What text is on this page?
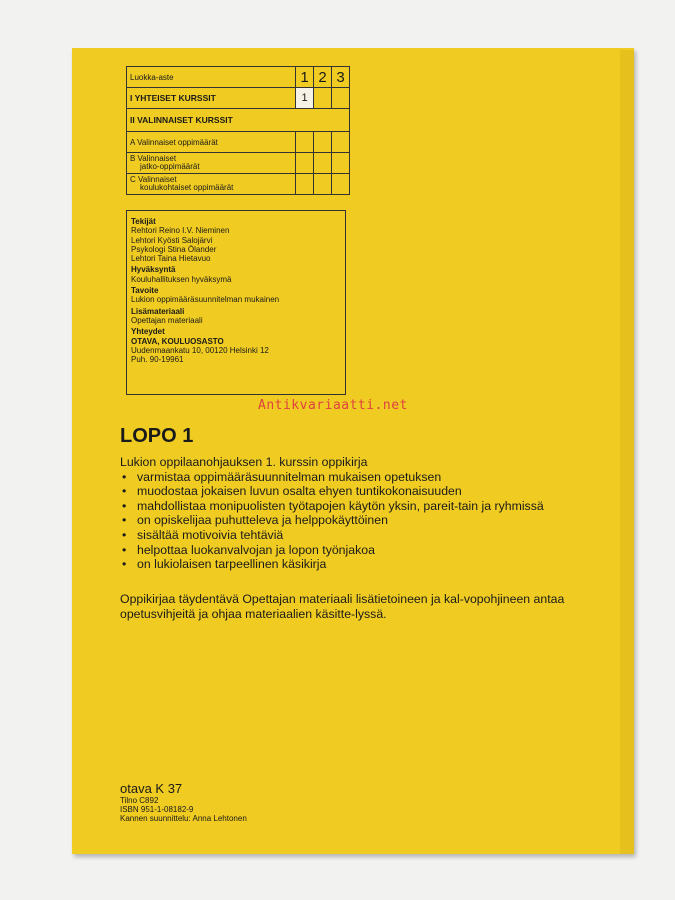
Luokka-aste	1	2	3
I YHTEISET KURSSIT	1		
II VALINNAISET KURSSIT			
A Valinnaiset oppimäärät			
B Valinnaiset
jatko-oppimäärät			
C Valinnaiset
koulukohtaiset oppimäärät			
Tekijät
Rehtori Reino I.V. Nieminen
Lehtori Kyösti Salojärvi
Psykologi Stina Ölander
Lehtori Taina Hietavuo
Hyväksyntä
Kouluhallituksen hyväksymä
Tavoite
Lukion oppimääräsuunnitelman mukainen
Lisämateriaali
Opettajan materiaali
Yhteydet
OTAVA, KOULUOSASTO
Uudenmaankatu 10, 00120 Helsinki 12
Puh. 90-19961
Antikvariaatti.net
LOPO 1
Lukion oppilaanohjauksen 1. kurssin oppikirja
• varmistaa oppimääräsuunnitelman mukaisen opetuksen
• muodostaa jokaisen luvun osalta ehyen tuntikokonaisuuden
• mahdollistaa monipuolisten työtapojen käytön yksin, pareit-tain ja ryhmissä
• on opiskelijaa puhutteleva ja helppokäyttöinen
• sisältää motivoivia tehtäviä
• helpottaa luokanvalvojan ja lopon työnjakoa
• on lukiolaisen tarpeellinen käsikirja
Oppikirjaa täydentävä Opettajan materiaali lisätietoineen ja kal-vopohjineen antaa opetusvihjeitä ja ohjaa materiaalien käsitte-lyssä.
otava K 37
Tilno C892
ISBN 951-1-08182-9
Kannen suunnittelu: Anna Lehtonen
